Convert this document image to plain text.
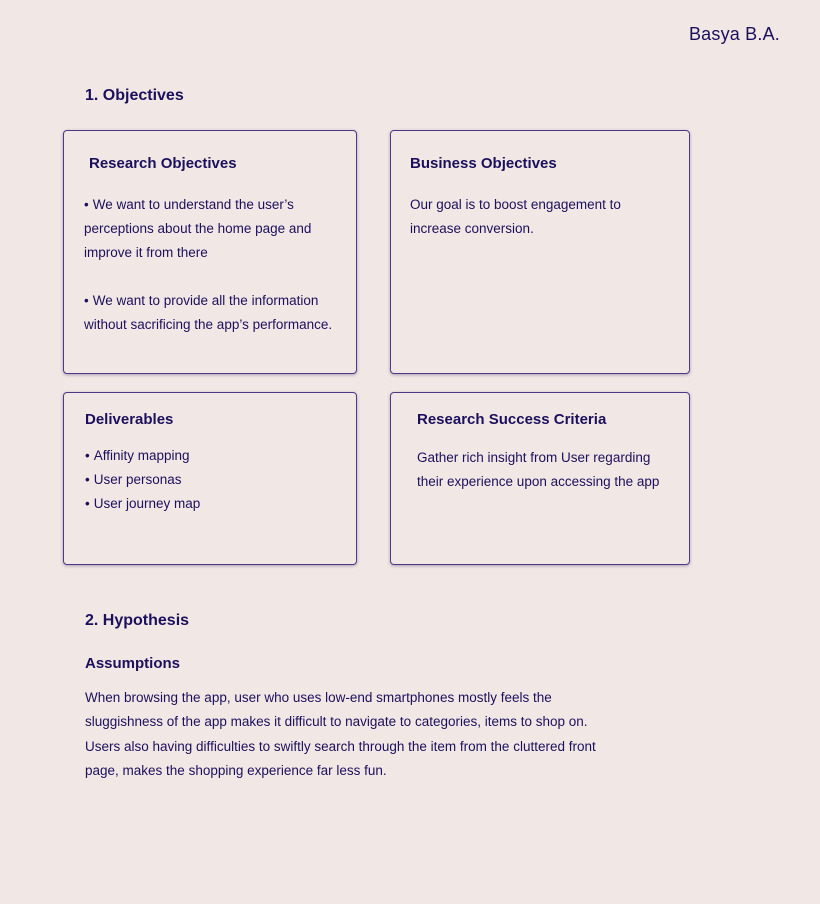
Basya B.A.
1. Objectives
Research Objectives
• We want to understand the user’s perceptions about the home page and improve it from there
• We want to provide all the information without sacrificing the app’s performance.
Business Objectives

Our goal is to boost engagement to increase conversion.

Deliverables
• Affinity mapping
• User personas
• User journey map
Research Success Criteria

Gather rich insight from User regarding their experience upon accessing the app

2. Hypothesis
Assumptions

When browsing the app, user who uses low-end smartphones mostly feels the sluggishness of the app makes it difficult to navigate to categories, items to shop on. Users also having difficulties to swiftly search through the item from the cluttered front page, makes the shopping experience far less fun.
